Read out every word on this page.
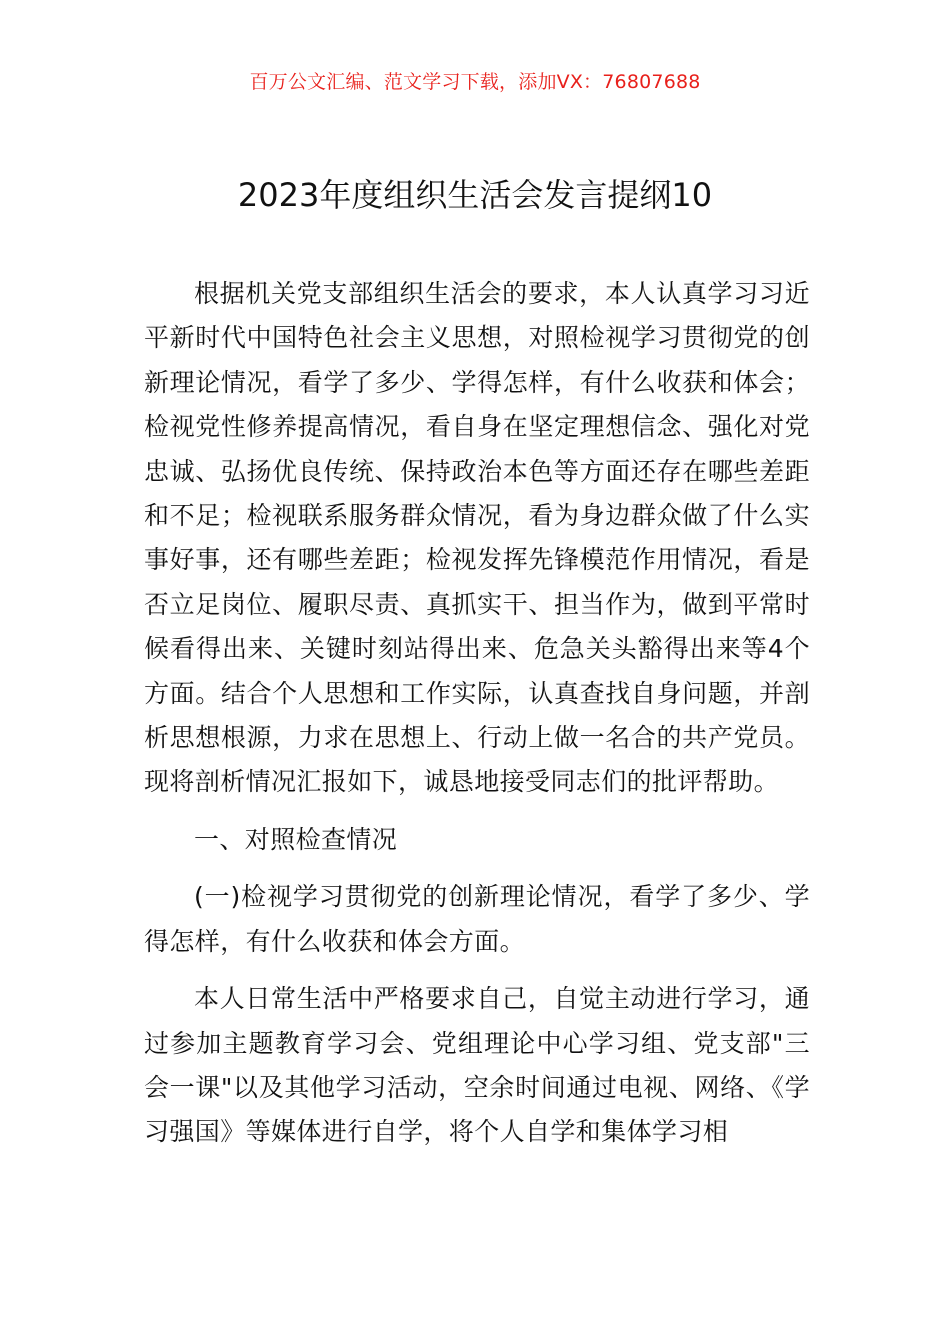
百万公文汇编、范文学习下载，添加VX：76807688
2023年度组织生活会发言提纲10

根据机关党支部组织生活会的要求，本人认真学习习近平新时代中国特色社会主义思想，对照检视学习贯彻党的创新理论情况，看学了多少、学得怎样，有什么收获和体会；检视党性修养提高情况，看自身在坚定理想信念、强化对党忠诚、弘扬优良传统、保持政治本色等方面还存在哪些差距和不足；检视联系服务群众情况，看为身边群众做了什么实事好事，还有哪些差距；检视发挥先锋模范作用情况，看是否立足岗位、履职尽责、真抓实干、担当作为，做到平常时候看得出来、关键时刻站得出来、危急关头豁得出来等4个方面。结合个人思想和工作实际，认真查找自身问题，并剖析思想根源，力求在思想上、行动上做一名合的共产党员。现将剖析情况汇报如下，诚恳地接受同志们的批评帮助。

一、对照检查情况

(一)检视学习贯彻党的创新理论情况，看学了多少、学得怎样，有什么收获和体会方面。

本人日常生活中严格要求自己，自觉主动进行学习，通过参加主题教育学习会、党组理论中心学习组、党支部"三会一课"以及其他学习活动，空余时间通过电视、网络、《学习强国》等媒体进行自学，将个人自学和集体学习相
